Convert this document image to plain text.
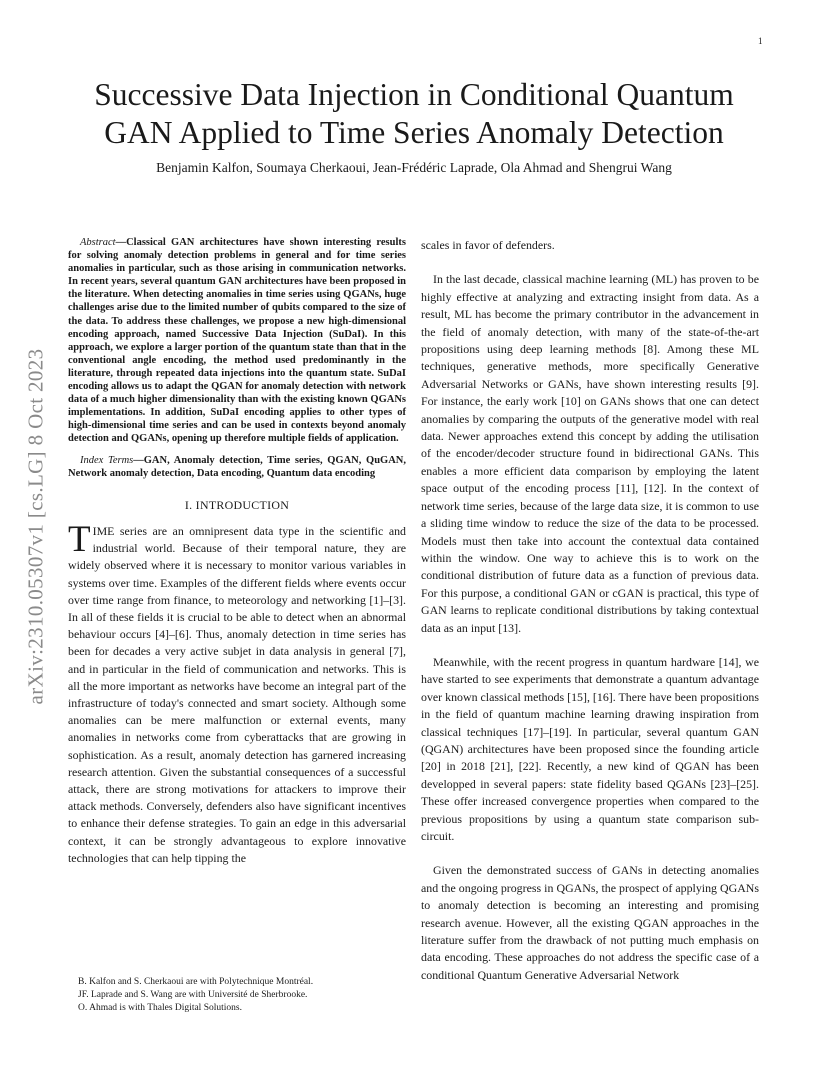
1
arXiv:2310.05307v1 [cs.LG] 8 Oct 2023
Successive Data Injection in Conditional Quantum GAN Applied to Time Series Anomaly Detection
Benjamin Kalfon, Soumaya Cherkaoui, Jean-Frédéric Laprade, Ola Ahmad and Shengrui Wang

Abstract—Classical GAN architectures have shown interesting results for solving anomaly detection problems in general and for time series anomalies in particular, such as those arising in communication networks. In recent years, several quantum GAN architectures have been proposed in the literature. When detecting anomalies in time series using QGANs, huge challenges arise due to the limited number of qubits compared to the size of the data. To address these challenges, we propose a new high-dimensional encoding approach, named Successive Data Injection (SuDaI). In this approach, we explore a larger portion of the quantum state than that in the conventional angle encoding, the method used predominantly in the literature, through repeated data injections into the quantum state. SuDaI encoding allows us to adapt the QGAN for anomaly detection with network data of a much higher dimensionality than with the existing known QGANs implementations. In addition, SuDaI encoding applies to other types of high-dimensional time series and can be used in contexts beyond anomaly detection and QGANs, opening up therefore multiple fields of application.

Index Terms—GAN, Anomaly detection, Time series, QGAN, QuGAN, Network anomaly detection, Data encoding, Quantum data encoding

I. INTRODUCTION

TIME series are an omnipresent data type in the scientific and industrial world. Because of their temporal nature, they are widely observed where it is necessary to monitor various variables in systems over time. Examples of the different fields where events occur over time range from finance, to meteorology and networking [1]–[3]. In all of these fields it is crucial to be able to detect when an abnormal behaviour occurs [4]–[6]. Thus, anomaly detection in time series has been for decades a very active subjet in data analysis in general [7], and in particular in the field of communication and networks. This is all the more important as networks have become an integral part of the infrastructure of today's connected and smart society. Although some anomalies can be mere malfunction or external events, many anomalies in networks come from cyberattacks that are growing in sophistication. As a result, anomaly detection has garnered increasing research attention. Given the substantial consequences of a successful attack, there are strong motivations for attackers to improve their attack methods. Conversely, defenders also have significant incentives to enhance their defense strategies. To gain an edge in this adversarial context, it can be strongly advantageous to explore innovative technologies that can help tipping the

B. Kalfon and S. Cherkaoui are with Polytechnique Montréal.
JF. Laprade and S. Wang are with Université de Sherbrooke.
O. Ahmad is with Thales Digital Solutions.

scales in favor of defenders.

In the last decade, classical machine learning (ML) has proven to be highly effective at analyzing and extracting insight from data. As a result, ML has become the primary contributor in the advancement in the field of anomaly detection, with many of the state-of-the-art propositions using deep learning methods [8]. Among these ML techniques, generative methods, more specifically Generative Adversarial Networks or GANs, have shown interesting results [9]. For instance, the early work [10] on GANs shows that one can detect anomalies by comparing the outputs of the generative model with real data. Newer approaches extend this concept by adding the utilisation of the encoder/decoder structure found in bidirectional GANs. This enables a more efficient data comparison by employing the latent space output of the encoding process [11], [12]. In the context of network time series, because of the large data size, it is common to use a sliding time window to reduce the size of the data to be processed. Models must then take into account the contextual data contained within the window. One way to achieve this is to work on the conditional distribution of future data as a function of previous data. For this purpose, a conditional GAN or cGAN is practical, this type of GAN learns to replicate conditional distributions by taking contextual data as an input [13].

Meanwhile, with the recent progress in quantum hardware [14], we have started to see experiments that demonstrate a quantum advantage over known classical methods [15], [16]. There have been propositions in the field of quantum machine learning drawing inspiration from classical techniques [17]–[19]. In particular, several quantum GAN (QGAN) architectures have been proposed since the founding article [20] in 2018 [21], [22]. Recently, a new kind of QGAN has been developped in several papers: state fidelity based QGANs [23]–[25]. These offer increased convergence properties when compared to the previous propositions by using a quantum state comparison sub-circuit.

Given the demonstrated success of GANs in detecting anomalies and the ongoing progress in QGANs, the prospect of applying QGANs to anomaly detection is becoming an interesting and promising research avenue. However, all the existing QGAN approaches in the literature suffer from the drawback of not putting much emphasis on data encoding. These approaches do not address the specific case of a conditional Quantum Generative Adversarial Network
